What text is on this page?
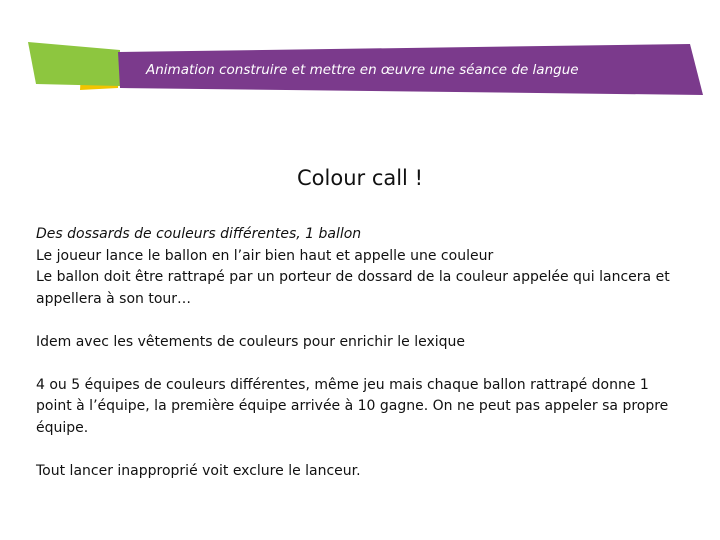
Animation construire et mettre en œuvre une séance de langue
Colour call !

Des dossards de couleurs différentes, 1 ballon

Le joueur lance le ballon en l’air bien haut et appelle une couleur

Le ballon doit être rattrapé par un porteur de dossard de la couleur appelée qui lancera et appellera à son tour…

Idem avec les vêtements de couleurs pour enrichir le lexique

4 ou 5 équipes de couleurs différentes, même jeu mais chaque ballon rattrapé donne 1 point à l’équipe, la première équipe arrivée à 10 gagne. On ne peut pas appeler sa propre équipe.

Tout lancer inapproprié voit exclure le lanceur.
